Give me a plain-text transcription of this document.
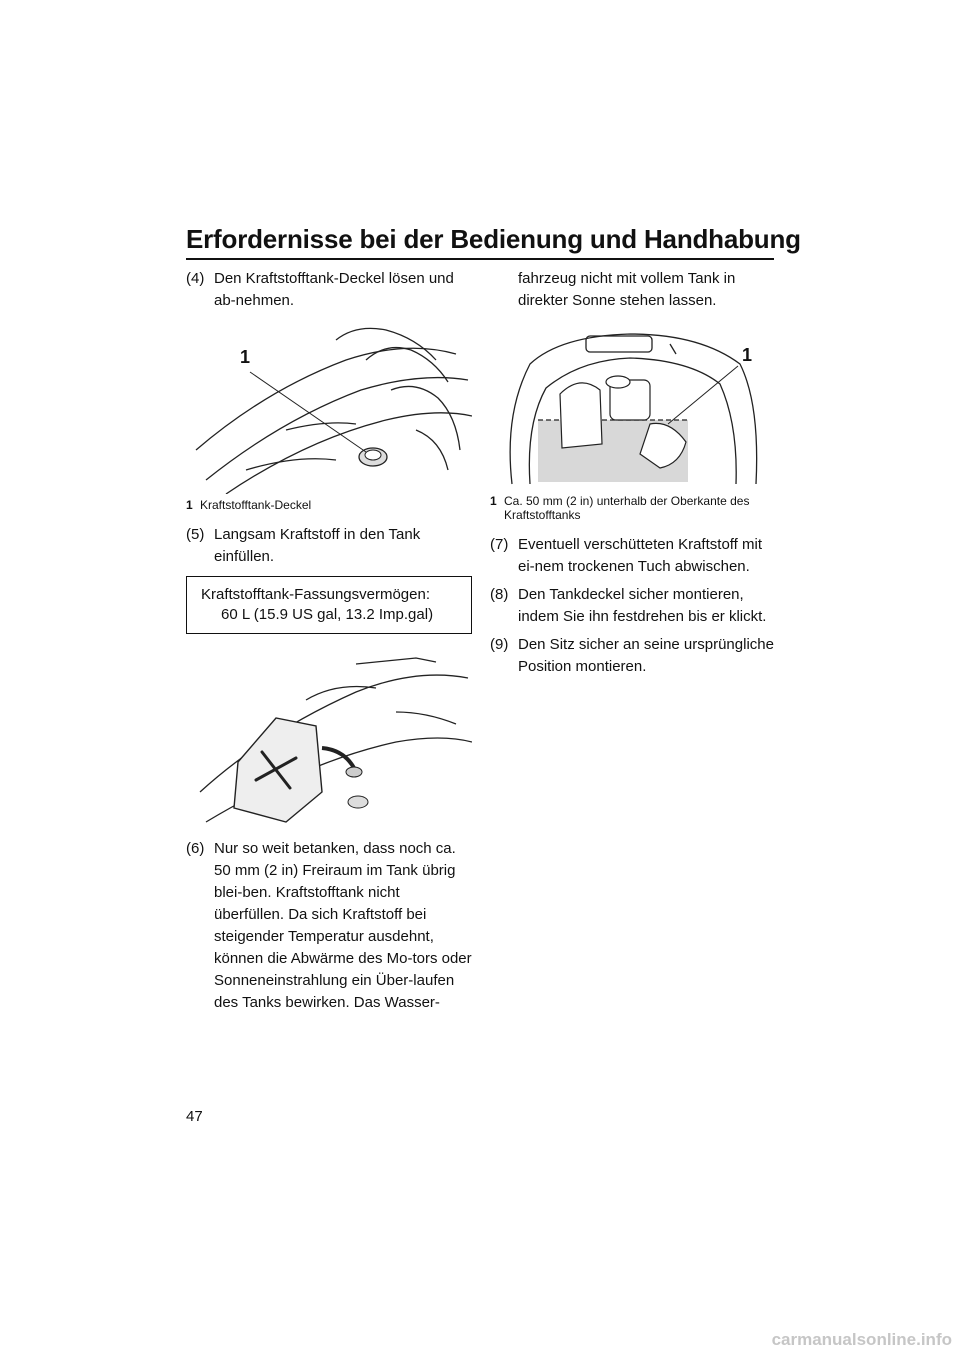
Erfordernisse bei der Bedienung und Handhabung

(4) Den Kraftstofftank-Deckel lösen und ab-nehmen.

1

1 Kraftstofftank-Deckel

(5) Langsam Kraftstoff in den Tank einfüllen.

Kraftstofftank-Fassungsvermögen:
60 L (15.9 US gal, 13.2 Imp.gal)

(6) Nur so weit betanken, dass noch ca. 50 mm (2 in) Freiraum im Tank übrig blei-ben. Kraftstofftank nicht überfüllen. Da sich Kraftstoff bei steigender Temperatur ausdehnt, können die Abwärme des Mo-tors oder Sonneneinstrahlung ein Über-laufen des Tanks bewirken. Das Wasser-

fahrzeug nicht mit vollem Tank in direkter Sonne stehen lassen.

1

1 Ca. 50 mm (2 in) unterhalb der Oberkante des Kraftstofftanks

(7) Eventuell verschütteten Kraftstoff mit ei-nem trockenen Tuch abwischen.

(8) Den Tankdeckel sicher montieren, indem Sie ihn festdrehen bis er klickt.

(9) Den Sitz sicher an seine ursprüngliche Position montieren.

47
carmanualsonline.info
